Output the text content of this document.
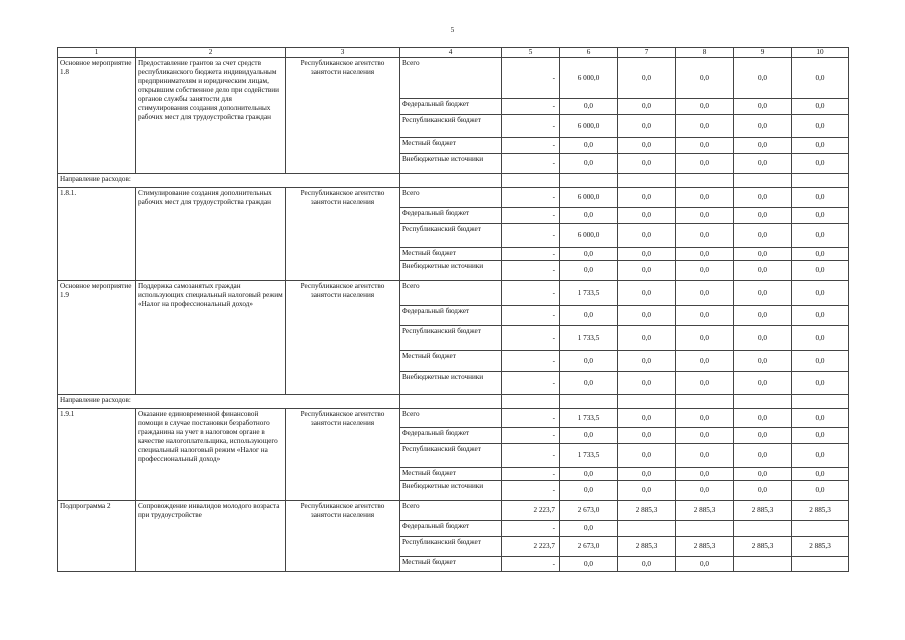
5
1	2	3	4	5	6	7	8	9	10
Основное мероприятие 1.8	Предоставление грантов за счет средств республиканского бюджета индивидуальным предпринимателям и юридическим лицам, открывшим собственное дело при содействии органов службы занятости для стимулирования создания дополнительных рабочих мест для трудоустройства граждан	Республиканское агентство занятости населения	Всего	-	6 000,0	0,0	0,0	0,0	0,0
			Федеральный бюджет	-	0,0	0,0	0,0	0,0	0,0
			Республиканский бюджет	-	6 000,0	0,0	0,0	0,0	0,0
			Местный бюджет	-	0,0	0,0	0,0	0,0	0,0
			Внебюджетные источники	-	0,0	0,0	0,0	0,0	0,0
Направление расходов:									
1.8.1.	Стимулирование создания дополнительных рабочих мест для трудоустройства граждан	Республиканское агентство занятости населения	Всего	-	6 000,0	0,0	0,0	0,0	0,0
			Федеральный бюджет	-	0,0	0,0	0,0	0,0	0,0
			Республиканский бюджет	-	6 000,0	0,0	0,0	0,0	0,0
			Местный бюджет	-	0,0	0,0	0,0	0,0	0,0
			Внебюджетные источники	-	0,0	0,0	0,0	0,0	0,0
Основное мероприятие 1.9	Поддержка самозанятых граждан использующих специальный налоговый режим «Налог на профессиональный доход»	Республиканское агентство занятости населения	Всего	-	1 733,5	0,0	0,0	0,0	0,0
			Федеральный бюджет	-	0,0	0,0	0,0	0,0	0,0
			Республиканский бюджет	-	1 733,5	0,0	0,0	0,0	0,0
			Местный бюджет	-	0,0	0,0	0,0	0,0	0,0
			Внебюджетные источники	-	0,0	0,0	0,0	0,0	0,0
Направление расходов:									
1.9.1	Оказание единовременной финансовой помощи в случае постановки безработного гражданина на учет в налоговом органе в качестве налогоплательщика, использующего специальный налоговый режим «Налог на профессиональный доход»	Республиканское агентство занятости населения	Всего	-	1 733,5	0,0	0,0	0,0	0,0
			Федеральный бюджет	-	0,0	0,0	0,0	0,0	0,0
			Республиканский бюджет	-	1 733,5	0,0	0,0	0,0	0,0
			Местный бюджет	-	0,0	0,0	0,0	0,0	0,0
			Внебюджетные источники	-	0,0	0,0	0,0	0,0	0,0
Подпрограмма 2	Сопровождение инвалидов молодого возраста при трудоустройстве	Республиканское агентство занятости населения	Всего	2 223,7	2 673,0	2 885,3	2 885,3	2 885,3	2 885,3
			Федеральный бюджет	-	0,0				
			Республиканский бюджет	2 223,7	2 673,0	2 885,3	2 885,3	2 885,3	2 885,3
			Местный бюджет	-	0,0	0,0	0,0		
